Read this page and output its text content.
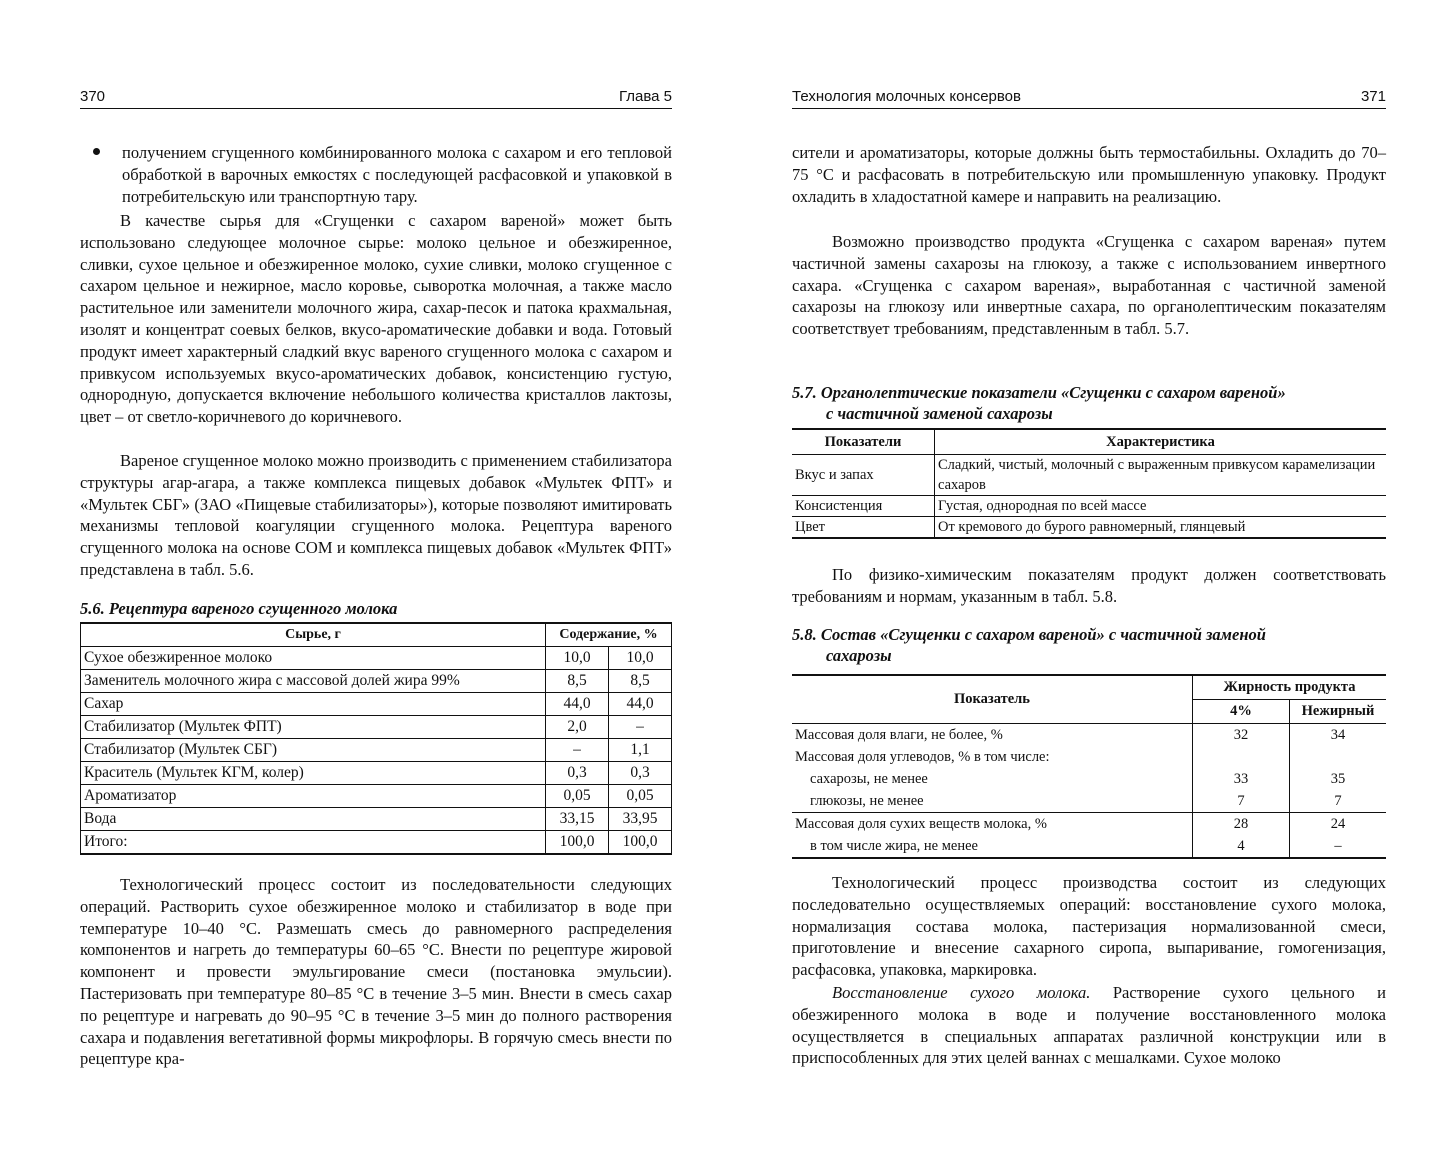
370	Глава 5

получением сгущенного комбинированного молока с сахаром и его тепловой обработкой в варочных емкостях с последующей расфасовкой и упаковкой в потребительскую или транспортную тару.

В качестве сырья для «Сгущенки с сахаром вареной» может быть использовано следующее молочное сырье: молоко цельное и обезжиренное, сливки, сухое цельное и обезжиренное молоко, сухие сливки, молоко сгущенное с сахаром цельное и нежирное, масло коровье, сыворотка молочная, а также масло растительное или заменители молочного жира, сахар-песок и патока крахмальная, изолят и концентрат соевых белков, вкусо-ароматические добавки и вода. Готовый продукт имеет характерный сладкий вкус вареного сгущенного молока с сахаром и привкусом используемых вкусо-ароматических добавок, консистенцию густую, однородную, допускается включение небольшого количества кристаллов лактозы, цвет – от светло-коричневого до коричневого.

Вареное сгущенное молоко можно производить с применением стабилизатора структуры агар-агара, а также комплекса пищевых добавок «Мультек ФПТ» и «Мультек СБГ» (ЗАО «Пищевые стабилизаторы»), которые позволяют имитировать механизмы тепловой коагуляции сгущенного молока. Рецептура вареного сгущенного молока на основе СОМ и комплекса пищевых добавок «Мультек ФПТ» представлена в табл. 5.6.

5.6. Рецептура вареного сгущенного молока

Сырье, г	Содержание, %	
Сухое обезжиренное молоко	10,0	10,0
Заменитель молочного жира с массовой долей жира 99%	8,5	8,5
Сахар	44,0	44,0
Стабилизатор (Мультек ФПТ)	2,0	–
Стабилизатор (Мультек СБГ)	–	1,1
Краситель (Мультек КГМ, колер)	0,3	0,3
Ароматизатор	0,05	0,05
Вода	33,15	33,95
Итого:	100,0	100,0

Технологический процесс состоит из последовательности следующих операций. Растворить сухое обезжиренное молоко и стабилизатор в воде при температуре 10–40 °С. Размешать смесь до равномерного распределения компонентов и нагреть до температуры 60–65 °С. Внести по рецептуре жировой компонент и провести эмульгирование смеси (постановка эмульсии). Пастеризовать при температуре 80–85 °С в течение 3–5 мин. Внести в смесь сахар по рецептуре и нагревать до 90–95 °С в течение 3–5 мин до полного растворения сахара и подавления вегетативной формы микрофлоры. В горячую смесь внести по рецептуре кра-

Технология молочных консервов	371

сители и ароматизаторы, которые должны быть термостабильны. Охладить до 70–75 °С и расфасовать в потребительскую или промышленную упаковку. Продукт охладить в хладостатной камере и направить на реализацию.

Возможно производство продукта «Сгущенка с сахаром вареная» путем частичной замены сахарозы на глюкозу, а также с использованием инвертного сахара. «Сгущенка с сахаром вареная», выработанная с частичной заменой сахарозы на глюкозу или инвертные сахара, по органолептическим показателям соответствует требованиям, представленным в табл. 5.7.

5.7. Органолептические показатели «Сгущенки с сахаром вареной»
с частичной заменой сахарозы

Показатели	Характеристика
Вкус и запах	Сладкий, чистый, молочный с выраженным привкусом карамелизации сахаров
Консистенция	Густая, однородная по всей массе
Цвет	От кремового до бурого равномерный, глянцевый

По физико-химическим показателям продукт должен соответствовать требованиям и нормам, указанным в табл. 5.8.

5.8. Состав «Сгущенки с сахаром вареной» с частичной заменой
сахарозы

Показатель	Жирность продукта	
	4%	Нежирный
Массовая доля влаги, не более, %	32	34
Массовая доля углеводов, % в том числе:		
сахарозы, не менее	33	35
глюкозы, не менее	7	7
Массовая доля сухих веществ молока, %	28	24
в том числе жира, не менее	4	–

Технологический процесс производства состоит из следующих последовательно осуществляемых операций: восстановление сухого молока, нормализация состава молока, пастеризация нормализованной смеси, приготовление и внесение сахарного сиропа, выпаривание, гомогенизация, расфасовка, упаковка, маркировка.

Восстановление сухого молока. Растворение сухого цельного и обезжиренного молока в воде и получение восстановленного молока осуществляется в специальных аппаратах различной конструкции или в приспособленных для этих целей ваннах с мешалками. Сухое молоко
